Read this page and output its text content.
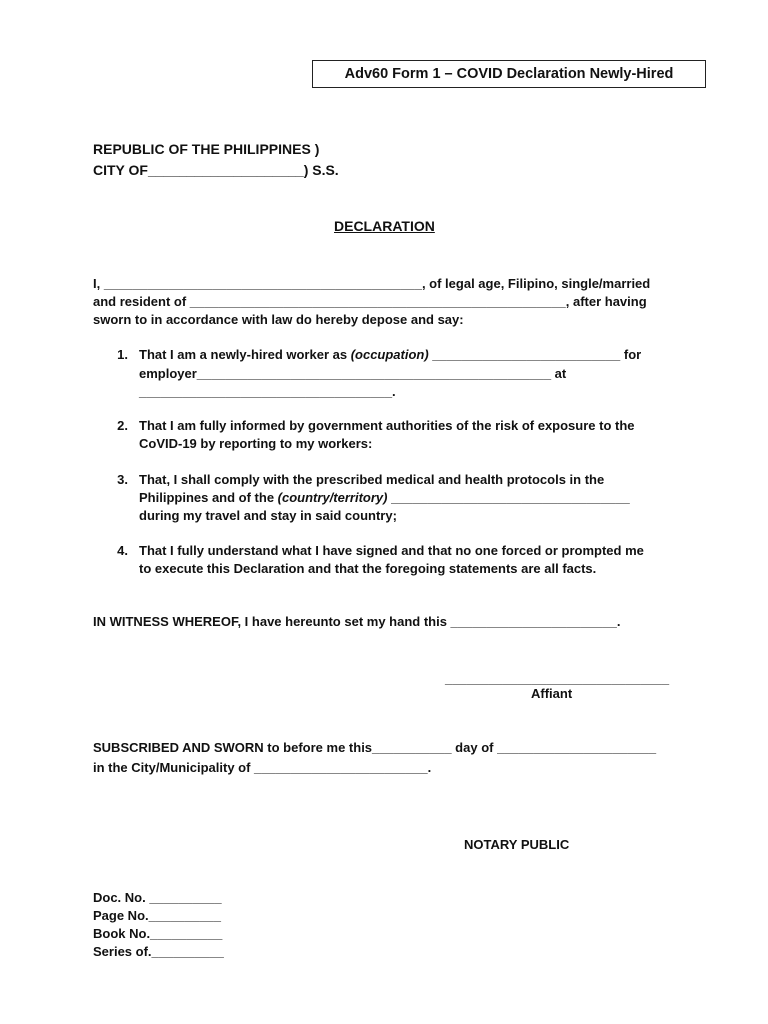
Adv60 Form 1 – COVID Declaration Newly-Hired
REPUBLIC OF THE PHILIPPINES )
CITY OF____________________) S.S.
DECLARATION
I, ____________________________________________, of legal age, Filipino, single/married
and resident of ____________________________________________________, after having
sworn to in accordance with law do hereby depose and say:
1. That I am a newly-hired worker as (occupation) __________________________ for
employer_________________________________________________ at
___________________________________.
2. That I am fully informed by government authorities of the risk of exposure to the
CoVID-19 by reporting to my workers:
3. That, I shall comply with the prescribed medical and health protocols in the
Philippines and of the (country/territory) _________________________________
during my travel and stay in said country;
4. That I fully understand what I have signed and that no one forced or prompted me
to execute this Declaration and that the foregoing statements are all facts.
IN WITNESS WHEREOF, I have hereunto set my hand this _______________________.
_______________________________
Affiant
SUBSCRIBED AND SWORN to before me this___________ day of ______________________
in the City/Municipality of ________________________.
NOTARY PUBLIC
Doc. No. __________
Page No.__________
Book No.__________
Series of.__________
